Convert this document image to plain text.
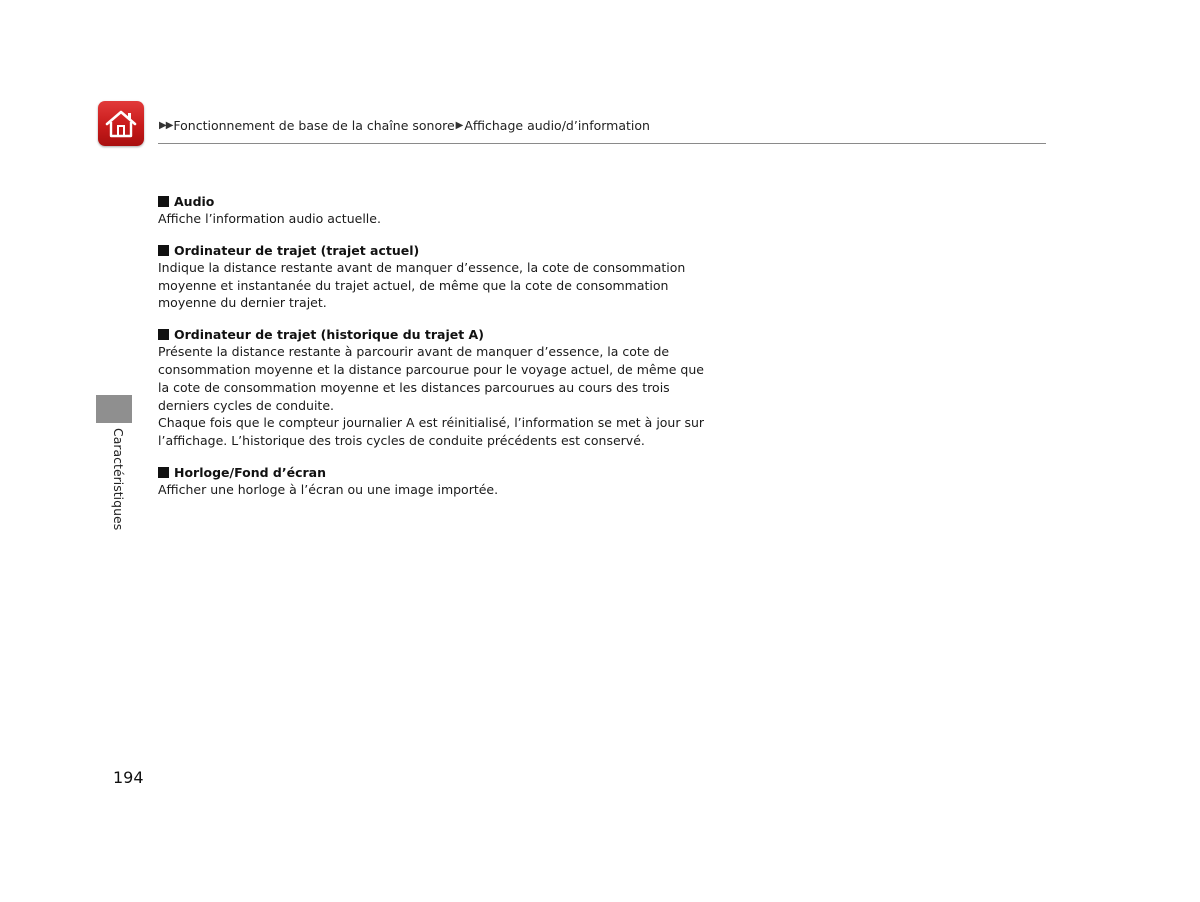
▶▶ Fonctionnement de base de la chaîne sonore ▶ Affichage audio/d’information
Audio

Affiche l’information audio actuelle.

Ordinateur de trajet (trajet actuel)

Indique la distance restante avant de manquer d’essence, la cote de consommation moyenne et instantanée du trajet actuel, de même que la cote de consommation moyenne du dernier trajet.

Ordinateur de trajet (historique du trajet A)

Présente la distance restante à parcourir avant de manquer d’essence, la cote de consommation moyenne et la distance parcourue pour le voyage actuel, de même que la cote de consommation moyenne et les distances parcourues au cours des trois derniers cycles de conduite.

Chaque fois que le compteur journalier A est réinitialisé, l’information se met à jour sur l’affichage. L’historique des trois cycles de conduite précédents est conservé.

Horloge/Fond d’écran

Afficher une horloge à l’écran ou une image importée.

Caractéristiques
194
